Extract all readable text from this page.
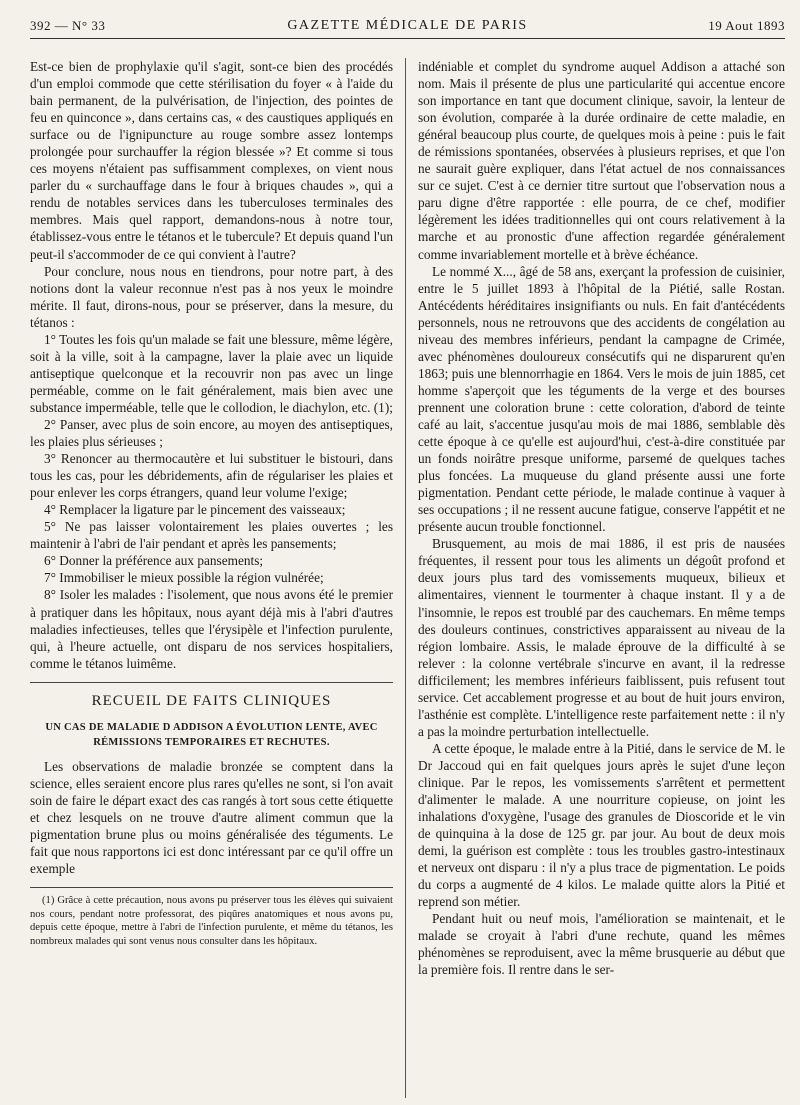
392 — N° 33	GAZETTE MÉDICALE DE PARIS	19 Aout 1893

Est-ce bien de prophylaxie qu'il s'agit, sont-ce bien des procédés d'un emploi commode que cette stérilisation du foyer « à l'aide du bain permanent, de la pulvérisation, de l'injection, des pointes de feu en quinconce », dans certains cas, « des caustiques appliqués en surface ou de l'ignipuncture au rouge sombre assez lontemps prolongée pour surchauffer la région blessée »? Et comme si tous ces moyens n'étaient pas suffisamment complexes, on vient nous parler du « surchauffage dans le four à briques chaudes », qui a rendu de notables services dans les tuberculoses terminales des membres. Mais quel rapport, demandons-nous à notre tour, établissez-vous entre le tétanos et le tubercule? Et depuis quand l'un peut-il s'accommoder de ce qui convient à l'autre?

Pour conclure, nous nous en tiendrons, pour notre part, à des notions dont la valeur reconnue n'est pas à nos yeux le moindre mérite. Il faut, dirons-nous, pour se préserver, dans la mesure, du tétanos :

1° Toutes les fois qu'un malade se fait une blessure, même légère, soit à la ville, soit à la campagne, laver la plaie avec un liquide antiseptique quelconque et la recouvrir non pas avec un linge perméable, comme on le fait généralement, mais bien avec une substance imperméable, telle que le collodion, le diachylon, etc. (1);

2° Panser, avec plus de soin encore, au moyen des antiseptiques, les plaies plus sérieuses ;

3° Renoncer au thermocautère et lui substituer le bistouri, dans tous les cas, pour les débridements, afin de régulariser les plaies et pour enlever les corps étrangers, quand leur volume l'exige;

4° Remplacer la ligature par le pincement des vaisseaux;

5° Ne pas laisser volontairement les plaies ouvertes ; les maintenir à l'abri de l'air pendant et après les pansements;

6° Donner la préférence aux pansements;

7° Immobiliser le mieux possible la région vulnérée;

8° Isoler les malades : l'isolement, que nous avons été le premier à pratiquer dans les hôpitaux, nous ayant déjà mis à l'abri d'autres maladies infectieuses, telles que l'érysipèle et l'infection purulente, qui, à l'heure actuelle, ont disparu de nos services hospitaliers, comme le tétanos luimême.

RECUEIL DE FAITS CLINIQUES
UN CAS DE MALADIE D ADDISON A ÉVOLUTION LENTE, AVEC RÉMISSIONS TEMPORAIRES ET RECHUTES.

Les observations de maladie bronzée se comptent dans la science, elles seraient encore plus rares qu'elles ne sont, si l'on avait soin de faire le départ exact des cas rangés à tort sous cette étiquette et chez lesquels on ne trouve d'autre aliment commun que la pigmentation brune plus ou moins généralisée des téguments. Le fait que nous rapportons ici est donc intéressant par ce qu'il offre un exemple

(1) Grâce à cette précaution, nous avons pu préserver tous les élèves qui suivaient nos cours, pendant notre professorat, des piqûres anatomiques et nous avons pu, depuis cette époque, mettre à l'abri de l'infection purulente, et même du tétanos, les nombreux malades qui sont venus nous consulter dans les hôpitaux.

indéniable et complet du syndrome auquel Addison a attaché son nom. Mais il présente de plus une particularité qui accentue encore son importance en tant que document clinique, savoir, la lenteur de son évolution, comparée à la durée ordinaire de cette maladie, en général beaucoup plus courte, de quelques mois à peine : puis le fait de rémissions spontanées, observées à plusieurs reprises, et que l'on ne saurait guère expliquer, dans l'état actuel de nos connaissances sur ce sujet. C'est à ce dernier titre surtout que l'observation nous a paru digne d'être rapportée : elle pourra, de ce chef, modifier légèrement les idées traditionnelles qui ont cours relativement à la marche et au pronostic d'une affection regardée généralement comme invariablement mortelle et à brève échéance.

Le nommé X..., âgé de 58 ans, exerçant la profession de cuisinier, entre le 5 juillet 1893 à l'hôpital de la Piétié, salle Rostan. Antécédents héréditaires insignifiants ou nuls. En fait d'antécédents personnels, nous ne retrouvons que des accidents de congélation au niveau des membres inférieurs, pendant la campagne de Crimée, avec phénomènes douloureux consécutifs qui ne disparurent qu'en 1863; puis une blennorrhagie en 1864. Vers le mois de juin 1885, cet homme s'aperçoit que les téguments de la verge et des bourses prennent une coloration brune : cette coloration, d'abord de teinte café au lait, s'accentue jusqu'au mois de mai 1886, semblable dès cette époque à ce qu'elle est aujourd'hui, c'est-à-dire constituée par un fonds noirâtre presque uniforme, parsemé de quelques taches plus foncées. La muqueuse du gland présente aussi une forte pigmentation. Pendant cette période, le malade continue à vaquer à ses occupations ; il ne ressent aucune fatigue, conserve l'appétit et ne présente aucun trouble fonctionnel.

Brusquement, au mois de mai 1886, il est pris de nausées fréquentes, il ressent pour tous les aliments un dégoût profond et deux jours plus tard des vomissements muqueux, bilieux et alimentaires, viennent le tourmenter à chaque instant. Il y a de l'insomnie, le repos est troublé par des cauchemars. En même temps des douleurs continues, constrictives apparaissent au niveau de la région lombaire. Assis, le malade éprouve de la difficulté à se relever : la colonne vertébrale s'incurve en avant, il la redresse difficilement; les membres inférieurs faiblissent, puis refusent tout service. Cet accablement progresse et au bout de huit jours environ, l'asthénie est complète. L'intelligence reste parfaitement nette : il n'y a pas la moindre perturbation intellectuelle.

A cette époque, le malade entre à la Pitié, dans le service de M. le Dr Jaccoud qui en fait quelques jours après le sujet d'une leçon clinique. Par le repos, les vomissements s'arrêtent et permettent d'alimenter le malade. A une nourriture copieuse, on joint les inhalations d'oxygène, l'usage des granules de Dioscoride et le vin de quinquina à la dose de 125 gr. par jour. Au bout de deux mois demi, la guérison est complète : tous les troubles gastro-intestinaux et nerveux ont disparu : il n'y a plus trace de pigmentation. Le poids du corps a augmenté de 4 kilos. Le malade quitte alors la Pitié et reprend son métier.

Pendant huit ou neuf mois, l'amélioration se maintenait, et le malade se croyait à l'abri d'une rechute, quand les mêmes phénomènes se reproduisent, avec la même brusquerie au début que la première fois. Il rentre dans le ser-
